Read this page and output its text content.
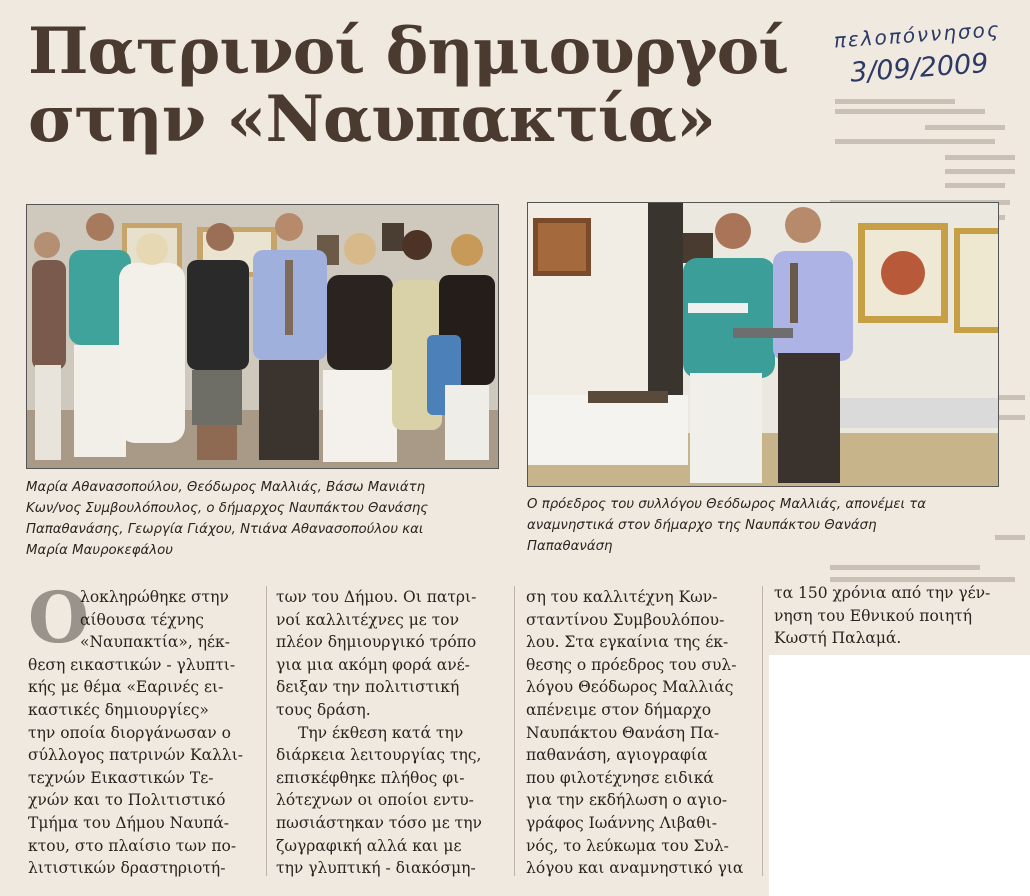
Πατρινοί δημιουργοί
στην «Ναυπακτία»
πελοπόννησος
3/09/2009

Μαρία Αθανασοπούλου, Θεόδωρος Μαλλιάς, Βάσω Μανιάτη
Κων/νος Συμβουλόπουλος, ο δήμαρχος Ναυπάκτου Θανάσης
Παπαθανάσης, Γεωργία Γιάχου, Ντιάνα Αθανασοπούλου και
Μαρία Μαυροκεφάλου

Ο πρόεδρος του συλλόγου Θεόδωρος Μαλλιάς, απονέμει τα
αναμνηστικά στον δήμαρχο της Ναυπάκτου Θανάση
Παπαθανάση

Ο
λοκληρώθηκε στην
αίθουσα τέχνης
«Ναυπακτία», ηέκ-
θεση εικαστικών - γλυπτι-
κής με θέμα «Εαρινές ει-
καστικές δημιουργίες»
την οποία διοργάνωσαν ο
σύλλογος πατρινών Καλλι-
τεχνών Εικαστικών Τε-
χνών και το Πολιτιστικό
Τμήμα του Δήμου Ναυπά-
κτου, στο πλαίσιο των πο-
λιτιστικών δραστηριοτή-
των του Δήμου. Οι πατρι-
νοί καλλιτέχνες με τον
πλέον δημιουργικό τρόπο
για μια ακόμη φορά ανέ-
δειξαν την πολιτιστική
τους δράση.
Την έκθεση κατά την
διάρκεια λειτουργίας της,
επισκέφθηκε πλήθος φι-
λότεχνων οι οποίοι εντυ-
πωσιάστηκαν τόσο με την
ζωγραφική αλλά και με
την γλυπτική - διακόσμη-
ση του καλλιτέχνη Κων-
σταντίνου Συμβουλόπου-
λου. Στα εγκαίνια της έκ-
θεσης ο πρόεδρος του συλ-
λόγου Θεόδωρος Μαλλιάς
απένειμε στον δήμαρχο
Ναυπάκτου Θανάση Πα-
παθανάση, αγιογραφία
που φιλοτέχνησε ειδικά
για την εκδήλωση ο αγιο-
γράφος Ιωάννης Λιβαθι-
νός, το λεύκωμα του Συλ-
λόγου και αναμνηστικό για
τα 150 χρόνια από την γέν-
νηση του Εθνικού ποιητή
Κωστή Παλαμά.
